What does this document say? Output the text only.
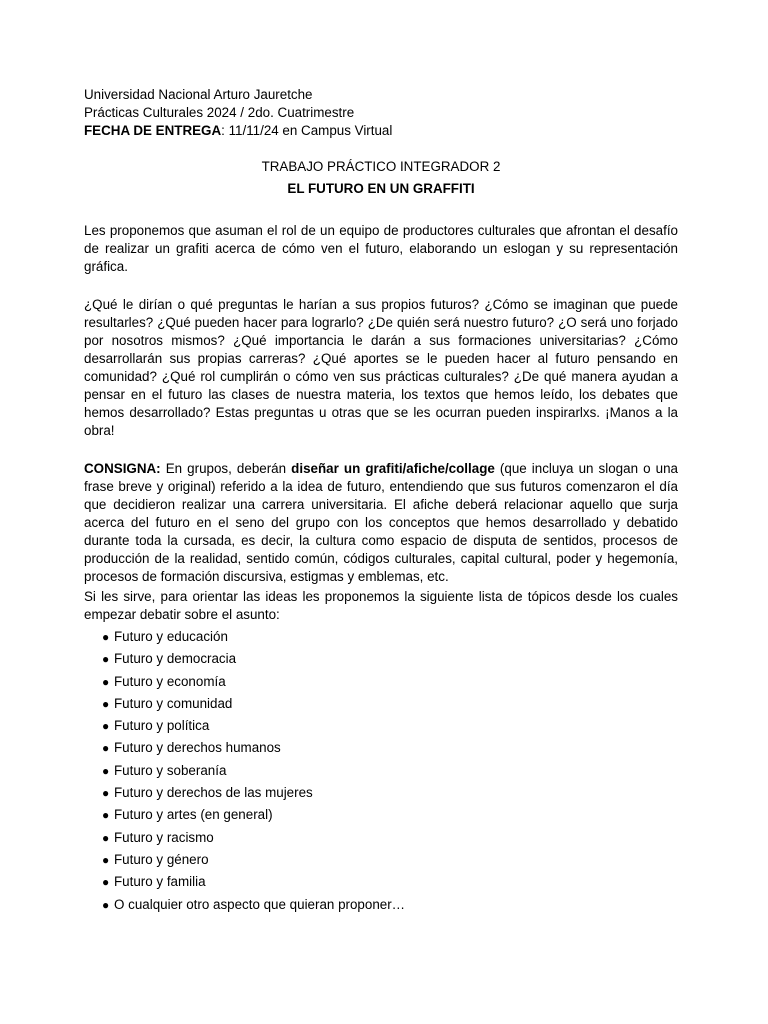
Universidad Nacional Arturo Jauretche

Prácticas Culturales 2024 / 2do. Cuatrimestre

FECHA DE ENTREGA: 11/11/24 en Campus Virtual

TRABAJO PRÁCTICO INTEGRADOR 2

EL FUTURO EN UN GRAFFITI

Les proponemos que asuman el rol de un equipo de productores culturales que afrontan el desafío de realizar un grafiti acerca de cómo ven el futuro, elaborando un eslogan y su representación gráfica.

¿Qué le dirían o qué preguntas le harían a sus propios futuros? ¿Cómo se imaginan que puede resultarles? ¿Qué pueden hacer para lograrlo? ¿De quién será nuestro futuro? ¿O será uno forjado por nosotros mismos? ¿Qué importancia le darán a sus formaciones universitarias? ¿Cómo desarrollarán sus propias carreras? ¿Qué aportes se le pueden hacer al futuro pensando en comunidad? ¿Qué rol cumplirán o cómo ven sus prácticas culturales? ¿De qué manera ayudan a pensar en el futuro las clases de nuestra materia, los textos que hemos leído, los debates que hemos desarrollado? Estas preguntas u otras que se les ocurran pueden inspirarlxs. ¡Manos a la obra!

CONSIGNA: En grupos, deberán diseñar un grafiti/afiche/collage (que incluya un slogan o una frase breve y original) referido a la idea de futuro, entendiendo que sus futuros comenzaron el día que decidieron realizar una carrera universitaria. El afiche deberá relacionar aquello que surja acerca del futuro en el seno del grupo con los conceptos que hemos desarrollado y debatido durante toda la cursada, es decir, la cultura como espacio de disputa de sentidos, procesos de producción de la realidad, sentido común, códigos culturales, capital cultural, poder y hegemonía, procesos de formación discursiva, estigmas y emblemas, etc.

Si les sirve, para orientar las ideas les proponemos la siguiente lista de tópicos desde los cuales empezar debatir sobre el asunto:

● Futuro y educación
● Futuro y democracia
● Futuro y economía
● Futuro y comunidad
● Futuro y política
● Futuro y derechos humanos
● Futuro y soberanía
● Futuro y derechos de las mujeres
● Futuro y artes (en general)
● Futuro y racismo
● Futuro y género
● Futuro y familia
● O cualquier otro aspecto que quieran proponer…
